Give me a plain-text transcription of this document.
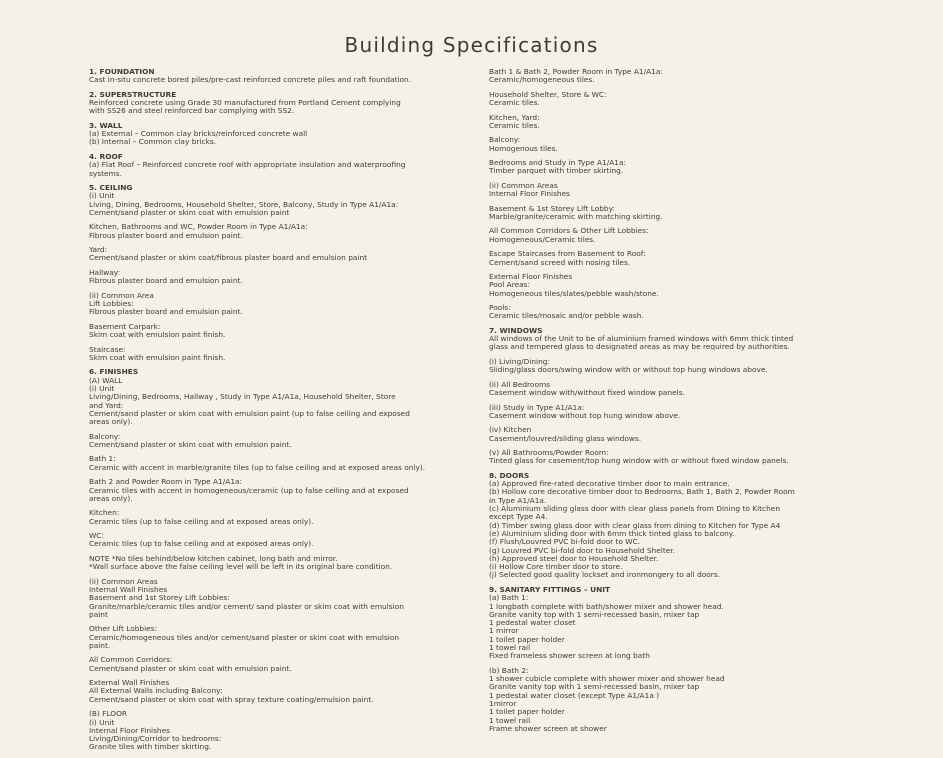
Building Specifications
1. FOUNDATION
Cast in-situ concrete bored piles/pre-cast reinforced concrete piles and raft foundation.
2. SUPERSTRUCTURE
Reinforced concrete using Grade 30 manufactured from Portland Cement complying
with SS26 and steel reinforced bar complying with SS2.
3. WALL
(a) External – Common clay bricks/reinforced concrete wall
(b) Internal – Common clay bricks.
4. ROOF
(a) Flat Roof – Reinforced concrete roof with appropriate insulation and waterproofing
systems.
5. CEILING
(i) Unit
Living, Dining, Bedrooms, Household Shelter, Store, Balcony, Study in Type A1/A1a:
Cement/sand plaster or skim coat with emulsion paint
Kitchen, Bathrooms and WC, Powder Room in Type A1/A1a:
Fibrous plaster board and emulsion paint.
Yard:
Cement/sand plaster or skim coat/fibrous plaster board and emulsion paint
Hallway:
Fibrous plaster board and emulsion paint.
(ii) Common Area
Lift Lobbies:
Fibrous plaster board and emulsion paint.
Basement Carpark:
Skim coat with emulsion paint finish.
Staircase:
Skim coat with emulsion paint finish.
6. FINISHES
(A) WALL
(i) Unit
Living/Dining, Bedrooms, Hallway , Study in Type A1/A1a, Household Shelter, Store
and Yard:
Cement/sand plaster or skim coat with emulsion paint (up to false ceiling and exposed
areas only).
Balcony:
Cement/sand plaster or skim coat with emulsion paint.
Bath 1:
Ceramic with accent in marble/granite tiles (up to false ceiling and at exposed areas only).
Bath 2 and Powder Room in Type A1/A1a:
Ceramic tiles with accent in homogeneous/ceramic (up to false ceiling and at exposed
areas only).
Kitchen:
Ceramic tiles (up to false ceiling and at exposed areas only).
WC:
Ceramic tiles (up to false ceiling and at exposed areas only).
NOTE *No tiles behind/below kitchen cabinet, long bath and mirror.
*Wall surface above the false ceiling level will be left in its original bare condition.
(ii) Common Areas
Internal Wall Finishes
Basement and 1st Storey Lift Lobbies:
Granite/marble/ceramic tiles and/or cement/ sand plaster or skim coat with emulsion
paint
Other Lift Lobbies:
Ceramic/homogeneous tiles and/or cement/sand plaster or skim coat with emulsion
paint.
All Common Corridors:
Cement/sand plaster or skim coat with emulsion paint.
External Wall Finishes
All External Walls including Balcony:
Cement/sand plaster or skim coat with spray texture coating/emulsion paint.
(B) FLOOR
(i) Unit
Internal Floor Finishes
Living/Dining/Corridor to bedrooms:
Granite tiles with timber skirting.
Bath 1 & Bath 2, Powder Room in Type A1/A1a:
Ceramic/homogeneous tiles.
Household Shelter, Store & WC:
Ceramic tiles.
Kitchen, Yard:
Ceramic tiles.
Balcony:
Homogenous tiles.
Bedrooms and Study in Type A1/A1a:
Timber parquet with timber skirting.
(ii) Common Areas
Internal Floor Finishes
Basement & 1st Storey Lift Lobby:
Marble/granite/ceramic with matching skirting.
All Common Corridors & Other Lift Lobbies:
Homogeneous/Ceramic tiles.
Escape Staircases from Basement to Roof:
Cement/sand screed with nosing tiles.
External Floor Finishes
Pool Areas:
Homogeneous tiles/slates/pebble wash/stone.
Pools:
Ceramic tiles/mosaic and/or pebble wash.
7. WINDOWS
All windows of the Unit to be of aluminium framed windows with 6mm thick tinted
glass and tempered glass to designated areas as may be required by authorities.
(i) Living/Dining:
Sliding/glass doors/swing window with or without top hung windows above.
(ii) All Bedrooms
Casement window with/without fixed window panels.
(iii) Study in Type A1/A1a:
Casement window without top hung window above.
(iv) Kitchen
Casement/louvred/sliding glass windows.
(v) All Bathrooms/Powder Room:
Tinted glass for casement/top hung window with or without fixed window panels.
8. DOORS
(a) Approved fire-rated decorative timber door to main entrance.
(b) Hollow core decorative timber door to Bedrooms, Bath 1, Bath 2, Powder Room
in Type A1/A1a.
(c) Aluminium sliding glass door with clear glass panels from Dining to Kitchen
except Type A4.
(d) Timber swing glass door with clear glass from dining to Kitchen for Type A4
(e) Aluminium sliding door with 6mm thick tinted glass to balcony.
(f) Flush/Louvred PVC bi-fold door to WC.
(g) Louvred PVC bi-fold door to Household Shelter.
(h) Approved steel door to Household Shelter.
(i) Hollow Core timber door to store.
(j) Selected good quality lockset and ironmongery to all doors.
9. SANITARY FITTINGS – UNIT
(a) Bath 1:
1 longbath complete with bath/shower mixer and shower head.
Granite vanity top with 1 semi-recessed basin, mixer tap
1 pedestal water closet
1 mirror
1 toilet paper holder
1 towel rail
Fixed frameless shower screen at long bath
(b) Bath 2:
1 shower cubicle complete with shower mixer and shower head
Granite vanity top with 1 semi-recessed basin, mixer tap
1 pedestal water closet (except Type A1/A1a )
1mirror
1 toilet paper holder
1 towel rail
Frame shower screen at shower
